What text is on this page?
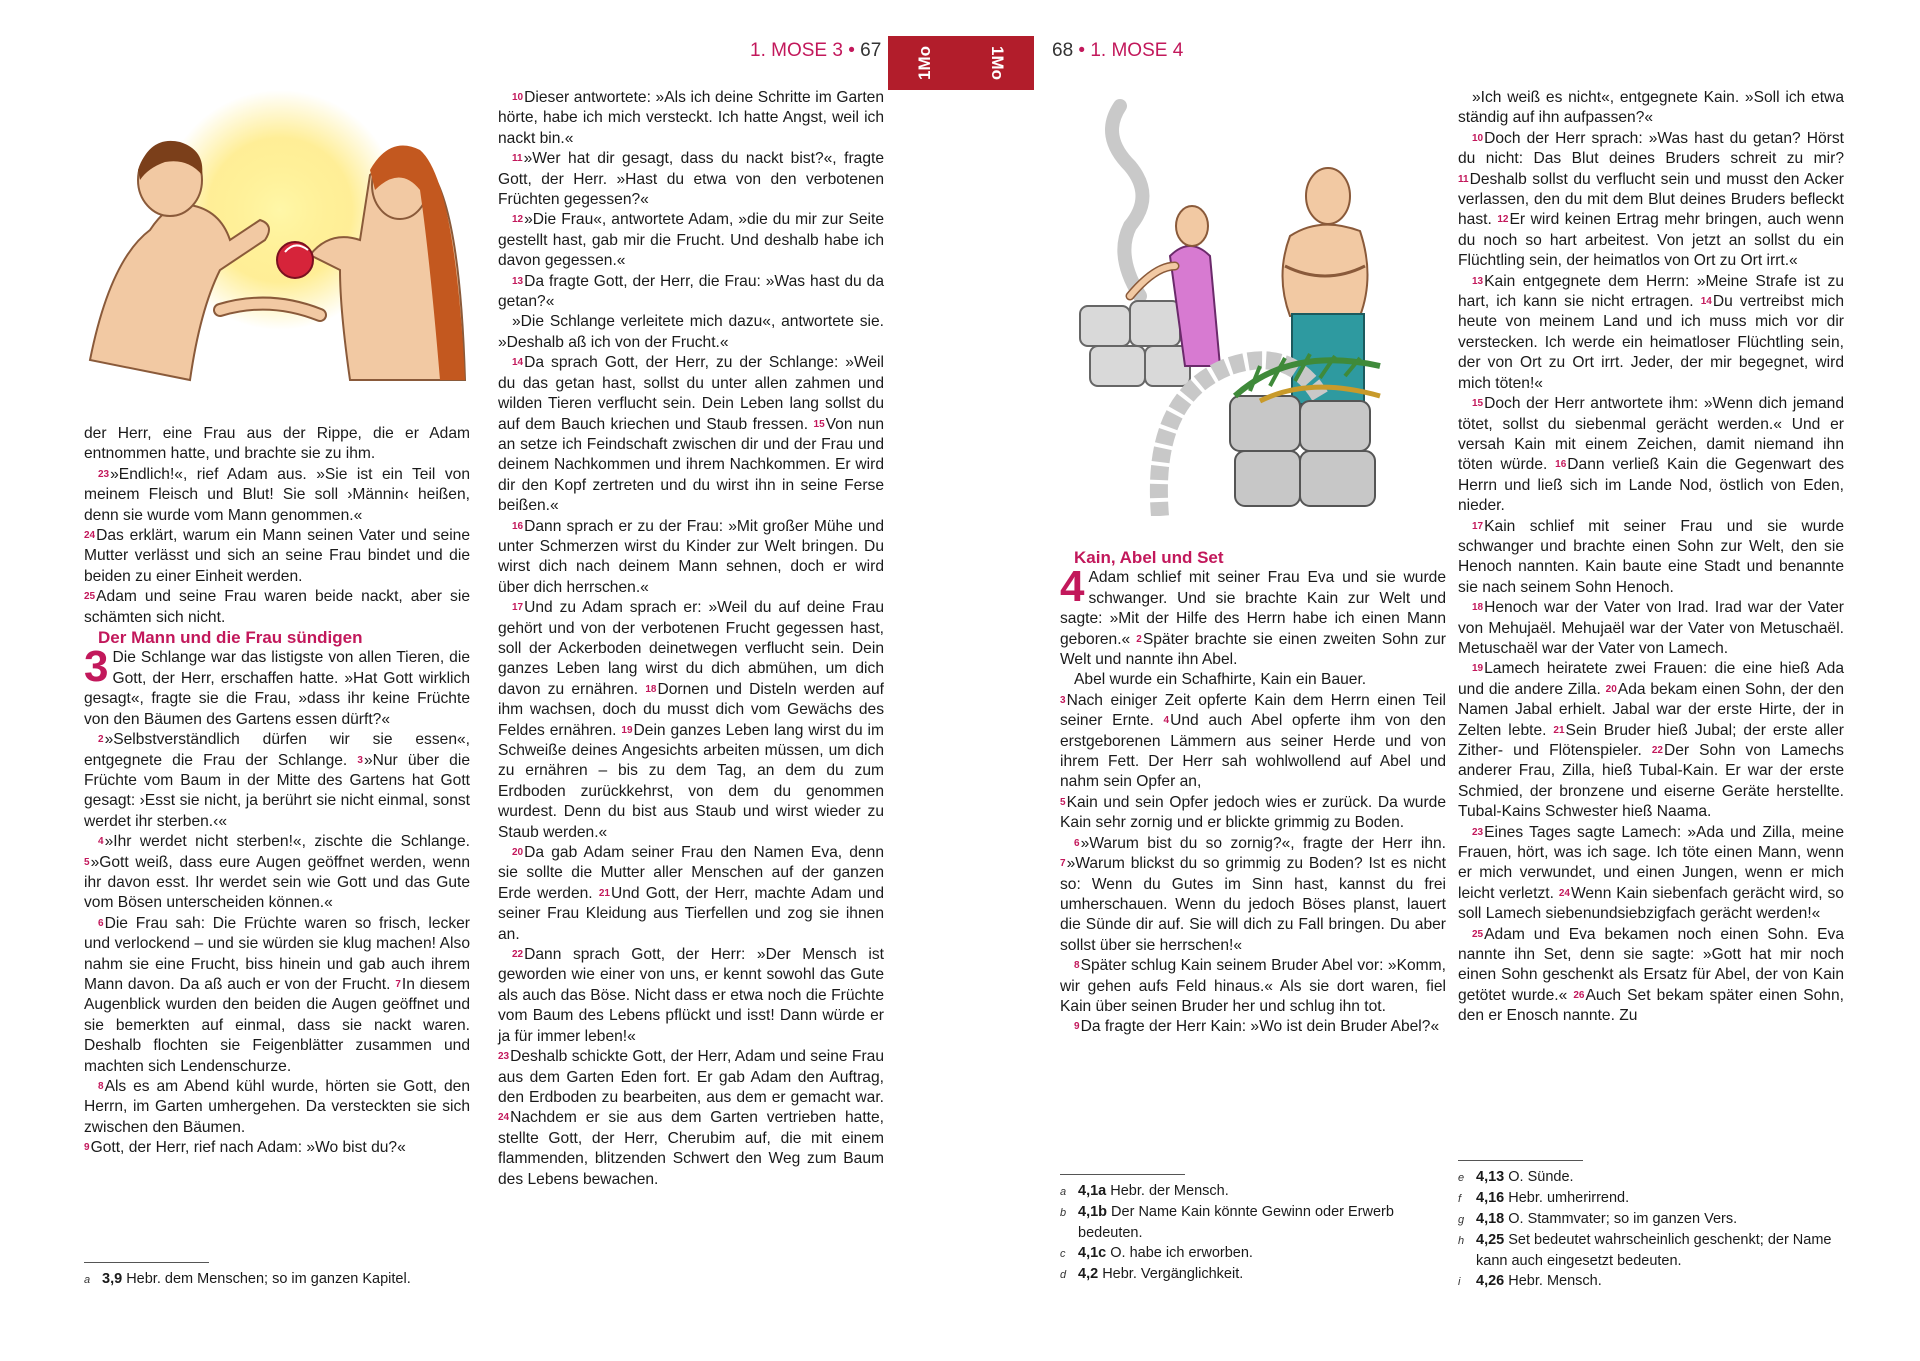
1. MOSE 3 • 67	1Mo

der Herr, eine Frau aus der Rippe, die er Adam entnommen hatte, und brachte sie zu ihm.

23»Endlich!«, rief Adam aus. »Sie ist ein Teil von meinem Fleisch und Blut! Sie soll ›Männin‹ heißen, denn sie wurde vom Mann genommen.«

24Das erklärt, warum ein Mann seinen Vater und seine Mutter verlässt und sich an seine Frau bindet und die beiden zu einer Einheit werden.

25Adam und seine Frau waren beide nackt, aber sie schämten sich nicht.

Der Mann und die Frau sündigen

3 Die Schlange war das listigste von allen Tieren, die Gott, der Herr, erschaffen hatte. »Hat Gott wirklich gesagt«, fragte sie die Frau, »dass ihr keine Früchte von den Bäumen des Gartens essen dürft?«

2»Selbstverständlich dürfen wir sie essen«, entgegnete die Frau der Schlange. 3»Nur über die Früchte vom Baum in der Mitte des Gartens hat Gott gesagt: ›Esst sie nicht, ja berührt sie nicht einmal, sonst werdet ihr sterben.‹«

4»Ihr werdet nicht sterben!«, zischte die Schlange. 5»Gott weiß, dass eure Augen geöffnet werden, wenn ihr davon esst. Ihr werdet sein wie Gott und das Gute vom Bösen unterscheiden können.«

6Die Frau sah: Die Früchte waren so frisch, lecker und verlockend – und sie würden sie klug machen! Also nahm sie eine Frucht, biss hinein und gab auch ihrem Mann davon. Da aß auch er von der Frucht. 7In diesem Augenblick wurden den beiden die Augen geöffnet und sie bemerkten auf einmal, dass sie nackt waren. Deshalb flochten sie Feigenblätter zusammen und machten sich Lendenschurze.

8Als es am Abend kühl wurde, hörten sie Gott, den Herrn, im Garten umhergehen. Da versteckten sie sich zwischen den Bäumen.

9Gott, der Herr, rief nach Adam: »Wo bist du?«

a 3,9 Hebr. dem Menschen; so im ganzen Kapitel.

10Dieser antwortete: »Als ich deine Schritte im Garten hörte, habe ich mich versteckt. Ich hatte Angst, weil ich nackt bin.«

11»Wer hat dir gesagt, dass du nackt bist?«, fragte Gott, der Herr. »Hast du etwa von den verbotenen Früchten gegessen?«

12»Die Frau«, antwortete Adam, »die du mir zur Seite gestellt hast, gab mir die Frucht. Und deshalb habe ich davon gegessen.«

13Da fragte Gott, der Herr, die Frau: »Was hast du da getan?«

»Die Schlange verleitete mich dazu«, antwortete sie. »Deshalb aß ich von der Frucht.«

14Da sprach Gott, der Herr, zu der Schlange: »Weil du das getan hast, sollst du unter allen zahmen und wilden Tieren verflucht sein. Dein Leben lang sollst du auf dem Bauch kriechen und Staub fressen. 15Von nun an setze ich Feindschaft zwischen dir und der Frau und deinem Nachkommen und ihrem Nachkommen. Er wird dir den Kopf zertreten und du wirst ihn in seine Ferse beißen.«

16Dann sprach er zu der Frau: »Mit großer Mühe und unter Schmerzen wirst du Kinder zur Welt bringen. Du wirst dich nach deinem Mann sehnen, doch er wird über dich herrschen.«

17Und zu Adam sprach er: »Weil du auf deine Frau gehört und von der verbotenen Frucht gegessen hast, soll der Ackerboden deinetwegen verflucht sein. Dein ganzes Leben lang wirst du dich abmühen, um dich davon zu ernähren. 18Dornen und Disteln werden auf ihm wachsen, doch du musst dich vom Gewächs des Feldes ernähren. 19Dein ganzes Leben lang wirst du im Schweiße deines Angesichts arbeiten müssen, um dich zu ernähren – bis zu dem Tag, an dem du zum Erdboden zurückkehrst, von dem du genommen wurdest. Denn du bist aus Staub und wirst wieder zu Staub werden.«

20Da gab Adam seiner Frau den Namen Eva, denn sie sollte die Mutter aller Menschen auf der ganzen Erde werden. 21Und Gott, der Herr, machte Adam und seiner Frau Kleidung aus Tierfellen und zog sie ihnen an.

22Dann sprach Gott, der Herr: »Der Mensch ist geworden wie einer von uns, er kennt sowohl das Gute als auch das Böse. Nicht dass er etwa noch die Früchte vom Baum des Lebens pflückt und isst! Dann würde er ja für immer leben!«

23Deshalb schickte Gott, der Herr, Adam und seine Frau aus dem Garten Eden fort. Er gab Adam den Auftrag, den Erdboden zu bearbeiten, aus dem er gemacht war. 24Nachdem er sie aus dem Garten vertrieben hatte, stellte Gott, der Herr, Cherubim auf, die mit einem flammenden, blitzenden Schwert den Weg zum Baum des Lebens bewachen.

1Mo	68 • 1. MOSE 4

Kain, Abel und Set

4 Adam schlief mit seiner Frau Eva und sie wurde schwanger. Und sie brachte Kain zur Welt und sagte: »Mit der Hilfe des Herrn habe ich einen Mann geboren.« 2Später brachte sie einen zweiten Sohn zur Welt und nannte ihn Abel.

Abel wurde ein Schafhirte, Kain ein Bauer.

3Nach einiger Zeit opferte Kain dem Herrn einen Teil seiner Ernte. 4Und auch Abel opferte ihm von den erstgeborenen Lämmern aus seiner Herde und von ihrem Fett. Der Herr sah wohlwollend auf Abel und nahm sein Opfer an,

5Kain und sein Opfer jedoch wies er zurück. Da wurde Kain sehr zornig und er blickte grimmig zu Boden.

6»Warum bist du so zornig?«, fragte der Herr ihn. 7»Warum blickst du so grimmig zu Boden? Ist es nicht so: Wenn du Gutes im Sinn hast, kannst du frei umherschauen. Wenn du jedoch Böses planst, lauert die Sünde dir auf. Sie will dich zu Fall bringen. Du aber sollst über sie herrschen!«

8Später schlug Kain seinem Bruder Abel vor: »Komm, wir gehen aufs Feld hinaus.« Als sie dort waren, fiel Kain über seinen Bruder her und schlug ihn tot.

9Da fragte der Herr Kain: »Wo ist dein Bruder Abel?«

a 4,1a Hebr. der Mensch.

b 4,1b Der Name Kain könnte Gewinn oder Erwerb bedeuten.

c 4,1c O. habe ich erworben.

d 4,2 Hebr. Vergänglichkeit.

»Ich weiß es nicht«, entgegnete Kain. »Soll ich etwa ständig auf ihn aufpassen?«

10Doch der Herr sprach: »Was hast du getan? Hörst du nicht: Das Blut deines Bruders schreit zu mir? 11Deshalb sollst du verflucht sein und musst den Acker verlassen, den du mit dem Blut deines Bruders befleckt hast. 12Er wird keinen Ertrag mehr bringen, auch wenn du noch so hart arbeitest. Von jetzt an sollst du ein Flüchtling sein, der heimatlos von Ort zu Ort irrt.«

13Kain entgegnete dem Herrn: »Meine Strafe ist zu hart, ich kann sie nicht ertragen. 14Du vertreibst mich heute von meinem Land und ich muss mich vor dir verstecken. Ich werde ein heimatloser Flüchtling sein, der von Ort zu Ort irrt. Jeder, der mir begegnet, wird mich töten!«

15Doch der Herr antwortete ihm: »Wenn dich jemand tötet, sollst du siebenmal gerächt werden.« Und er versah Kain mit einem Zeichen, damit niemand ihn töten würde. 16Dann verließ Kain die Gegenwart des Herrn und ließ sich im Lande Nod, östlich von Eden, nieder.

17Kain schlief mit seiner Frau und sie wurde schwanger und brachte einen Sohn zur Welt, den sie Henoch nannten. Kain baute eine Stadt und benannte sie nach seinem Sohn Henoch.

18Henoch war der Vater von Irad. Irad war der Vater von Mehujaël. Mehujaël war der Vater von Metuschaël. Metuschaël war der Vater von Lamech.

19Lamech heiratete zwei Frauen: die eine hieß Ada und die andere Zilla. 20Ada bekam einen Sohn, der den Namen Jabal erhielt. Jabal war der erste Hirte, der in Zelten lebte. 21Sein Bruder hieß Jubal; der erste aller Zither- und Flötenspieler. 22Der Sohn von Lamechs anderer Frau, Zilla, hieß Tubal-Kain. Er war der erste Schmied, der bronzene und eiserne Geräte herstellte. Tubal-Kains Schwester hieß Naama.

23Eines Tages sagte Lamech: »Ada und Zilla, meine Frauen, hört, was ich sage. Ich töte einen Mann, wenn er mich verwundet, und einen Jungen, wenn er mich leicht verletzt. 24Wenn Kain siebenfach gerächt wird, so soll Lamech siebenundsiebzigfach gerächt werden!«

25Adam und Eva bekamen noch einen Sohn. Eva nannte ihn Set, denn sie sagte: »Gott hat mir noch einen Sohn geschenkt als Ersatz für Abel, der von Kain getötet wurde.« 26Auch Set bekam später einen Sohn, den er Enosch nannte. Zu

e 4,13 O. Sünde.

f 4,16 Hebr. umherirrend.

g 4,18 O. Stammvater; so im ganzen Vers.

h 4,25 Set bedeutet wahrscheinlich geschenkt; der Name kann auch eingesetzt bedeuten.

i 4,26 Hebr. Mensch.
